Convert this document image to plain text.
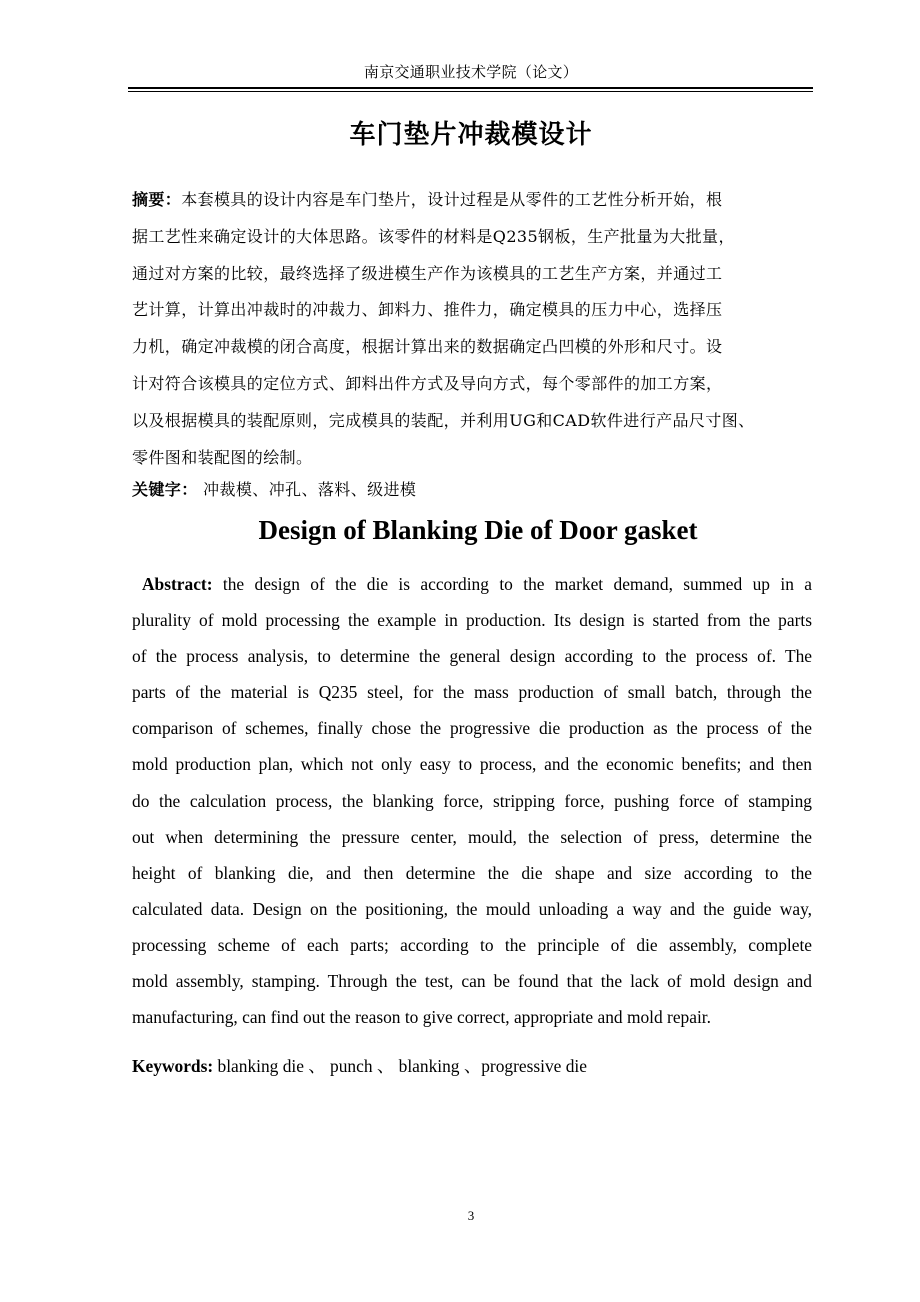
南京交通职业技术学院（论文）
车门垫片冲裁模设计
摘要：本套模具的设计内容是车门垫片，设计过程是从零件的工艺性分析开始，根
据工艺性来确定设计的大体思路。该零件的材料是Q235钢板，生产批量为大批量，
通过对方案的比较，最终选择了级进模生产作为该模具的工艺生产方案，并通过工
艺计算，计算出冲裁时的冲裁力、卸料力、推件力，确定模具的压力中心，选择压
力机，确定冲裁模的闭合高度，根据计算出来的数据确定凸凹模的外形和尺寸。设
计对符合该模具的定位方式、卸料出件方式及导向方式，每个零部件的加工方案，
以及根据模具的装配原则，完成模具的装配，并利用UG和CAD软件进行产品尺寸图、
零件图和装配图的绘制。
关键字： 冲裁模、冲孔、落料、级进模
Design of Blanking Die of Door gasket
Abstract: the design of the die is according to the market demand, summed up in a
plurality of mold processing the example in production. Its design is started from the parts
of the process analysis, to determine the general design according to the process of. The
parts of the material is Q235 steel, for the mass production of small batch, through the
comparison of schemes, finally chose the progressive die production as the process of the
mold production plan, which not only easy to process, and the economic benefits; and then
do the calculation process, the blanking force, stripping force, pushing force of stamping
out when determining the pressure center, mould, the selection of press, determine the
height of blanking die, and then determine the die shape and size according to the
calculated data. Design on the positioning, the mould unloading a way and the guide way,
processing scheme of each parts; according to the principle of die assembly, complete
mold assembly, stamping. Through the test, can be found that the lack of mold design and
manufacturing, can find out the reason to give correct, appropriate and mold repair.
Keywords: blanking die 、 punch 、 blanking 、progressive die
3
